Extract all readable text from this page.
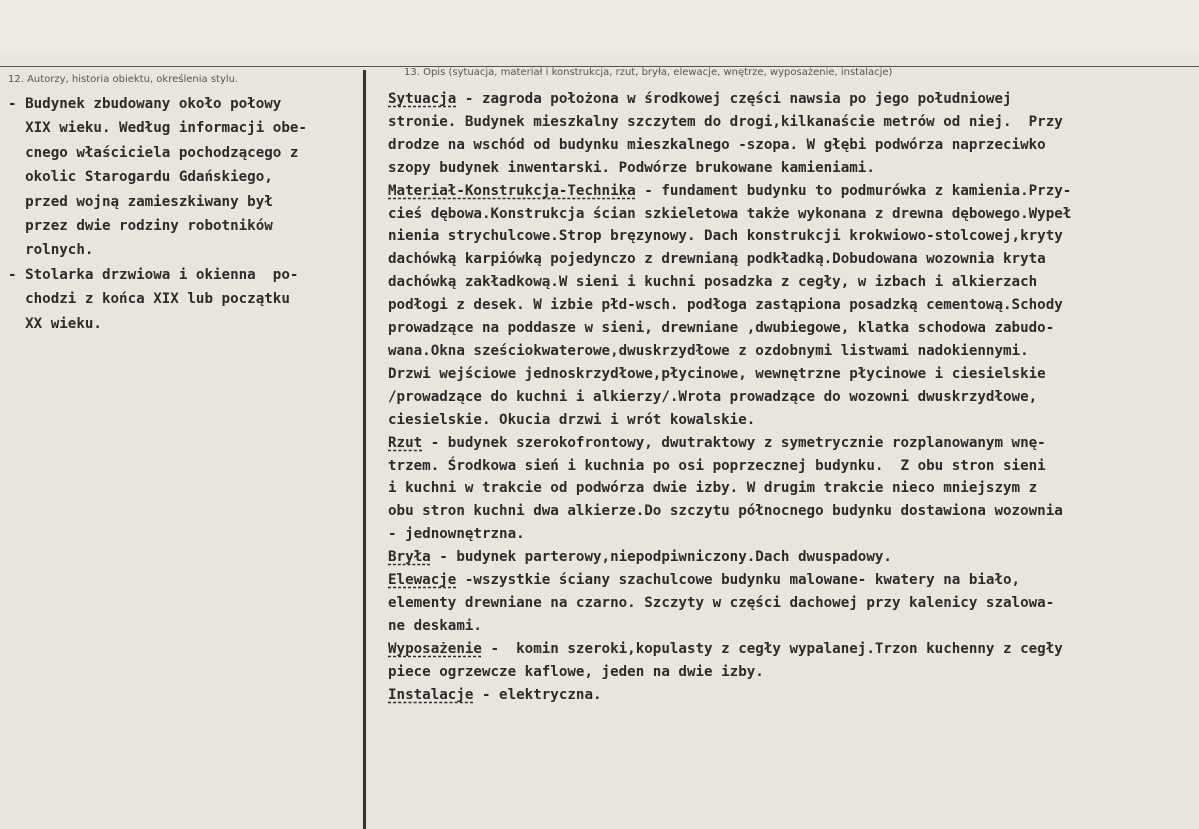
12. Autorzy, historia obiektu, określenia stylu.
13. Opis (sytuacja, materiał i konstrukcja, rzut, bryła, elewacje, wnętrze, wyposażenie, instalacje)

- Budynek zbudowany około połowy

XIX wieku. Według informacji obe-

cnego właściciela pochodzącego z

okolic Starogardu Gdańskiego,

przed wojną zamieszkiwany był

przez dwie rodziny robotników

rolnych.

- Stolarka drzwiowa i okienna  po-

chodzi z końca XIX lub początku

XX wieku.

Sytuacja - zagroda położona w środkowej części nawsia po jego południowej

stronie. Budynek mieszkalny szczytem do drogi,kilkanaście metrów od niej.  Przy

drodze na wschód od budynku mieszkalnego -szopa. W głębi podwórza naprzeciwko

szopy budynek inwentarski. Podwórze brukowane kamieniami.

Materiał-Konstrukcja-Technika - fundament budynku to podmurówka z kamienia.Przy-

cieś dębowa.Konstrukcja ścian szkieletowa także wykonana z drewna dębowego.Wypeł

nienia strychulcowe.Strop bręzynowy. Dach konstrukcji krokwiowo-stolcowej,kryty

dachówką karpiówką pojedynczo z drewnianą podkładką.Dobudowana wozownia kryta

dachówką zakładkową.W sieni i kuchni posadzka z cegły, w izbach i alkierzach

podłogi z desek. W izbie płd-wsch. podłoga zastąpiona posadzką cementową.Schody

prowadzące na poddasze w sieni, drewniane ,dwubiegowe, klatka schodowa zabudo-

wana.Okna sześciokwaterowe,dwuskrzydłowe z ozdobnymi listwami nadokiennymi.

Drzwi wejściowe jednoskrzydłowe,płycinowe, wewnętrzne płycinowe i ciesielskie

/prowadzące do kuchni i alkierzy/.Wrota prowadzące do wozowni dwuskrzydłowe,

ciesielskie. Okucia drzwi i wrót kowalskie.

Rzut - budynek szerokofrontowy, dwutraktowy z symetrycznie rozplanowanym wnę-

trzem. Środkowa sień i kuchnia po osi poprzecznej budynku.  Z obu stron sieni

i kuchni w trakcie od podwórza dwie izby. W drugim trakcie nieco mniejszym z

obu stron kuchni dwa alkierze.Do szczytu północnego budynku dostawiona wozownia

- jednownętrzna.

Bryła - budynek parterowy,niepodpiwniczony.Dach dwuspadowy.

Elewacje -wszystkie ściany szachulcowe budynku malowane- kwatery na biało,

elementy drewniane na czarno. Szczyty w części dachowej przy kalenicy szalowa-

ne deskami.

Wyposażenie -  komin szeroki,kopulasty z cegły wypalanej.Trzon kuchenny z cegły

piece ogrzewcze kaflowe, jeden na dwie izby.

Instalacje - elektryczna.
